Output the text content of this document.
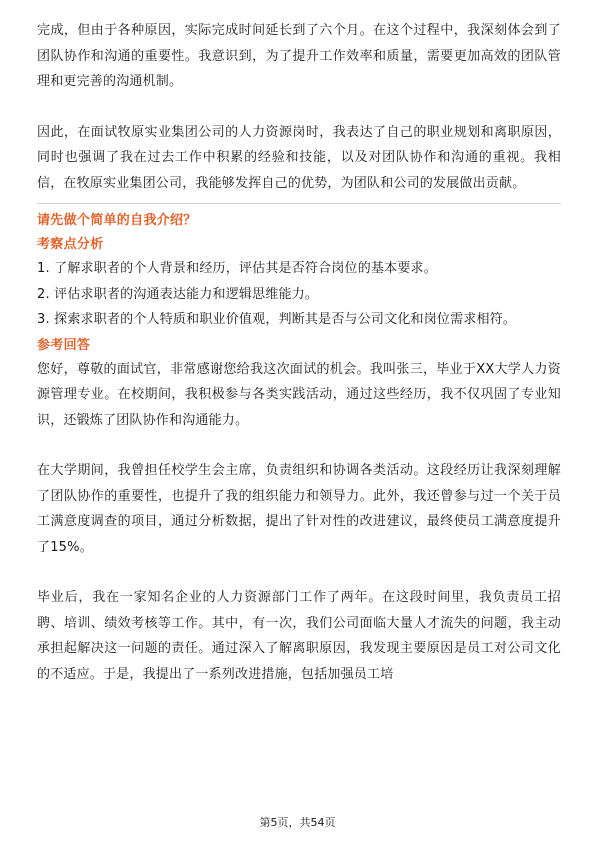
完成，但由于各种原因，实际完成时间延长到了六个月。在这个过程中，我深刻体会到了团队协作和沟通的重要性。我意识到，为了提升工作效率和质量，需要更加高效的团队管理和更完善的沟通机制。

因此，在面试牧原实业集团公司的人力资源岗时，我表达了自己的职业规划和离职原因，同时也强调了我在过去工作中积累的经验和技能，以及对团队协作和沟通的重视。我相信，在牧原实业集团公司，我能够发挥自己的优势，为团队和公司的发展做出贡献。

请先做个简单的自我介绍？
考察点分析
1. 了解求职者的个人背景和经历，评估其是否符合岗位的基本要求。
2. 评估求职者的沟通表达能力和逻辑思维能力。
3. 探索求职者的个人特质和职业价值观，判断其是否与公司文化和岗位需求相符。
参考回答

您好，尊敬的面试官，非常感谢您给我这次面试的机会。我叫张三，毕业于XX大学人力资源管理专业。在校期间，我积极参与各类实践活动，通过这些经历，我不仅巩固了专业知识，还锻炼了团队协作和沟通能力。

在大学期间，我曾担任校学生会主席，负责组织和协调各类活动。这段经历让我深刻理解了团队协作的重要性，也提升了我的组织能力和领导力。此外，我还曾参与过一个关于员工满意度调查的项目，通过分析数据，提出了针对性的改进建议，最终使员工满意度提升了15%。

毕业后，我在一家知名企业的人力资源部门工作了两年。在这段时间里，我负责员工招聘、培训、绩效考核等工作。其中，有一次，我们公司面临大量人才流失的问题，我主动承担起解决这一问题的责任。通过深入了解离职原因，我发现主要原因是员工对公司文化的不适应。于是，我提出了一系列改进措施，包括加强员工培

第5页，共54页
